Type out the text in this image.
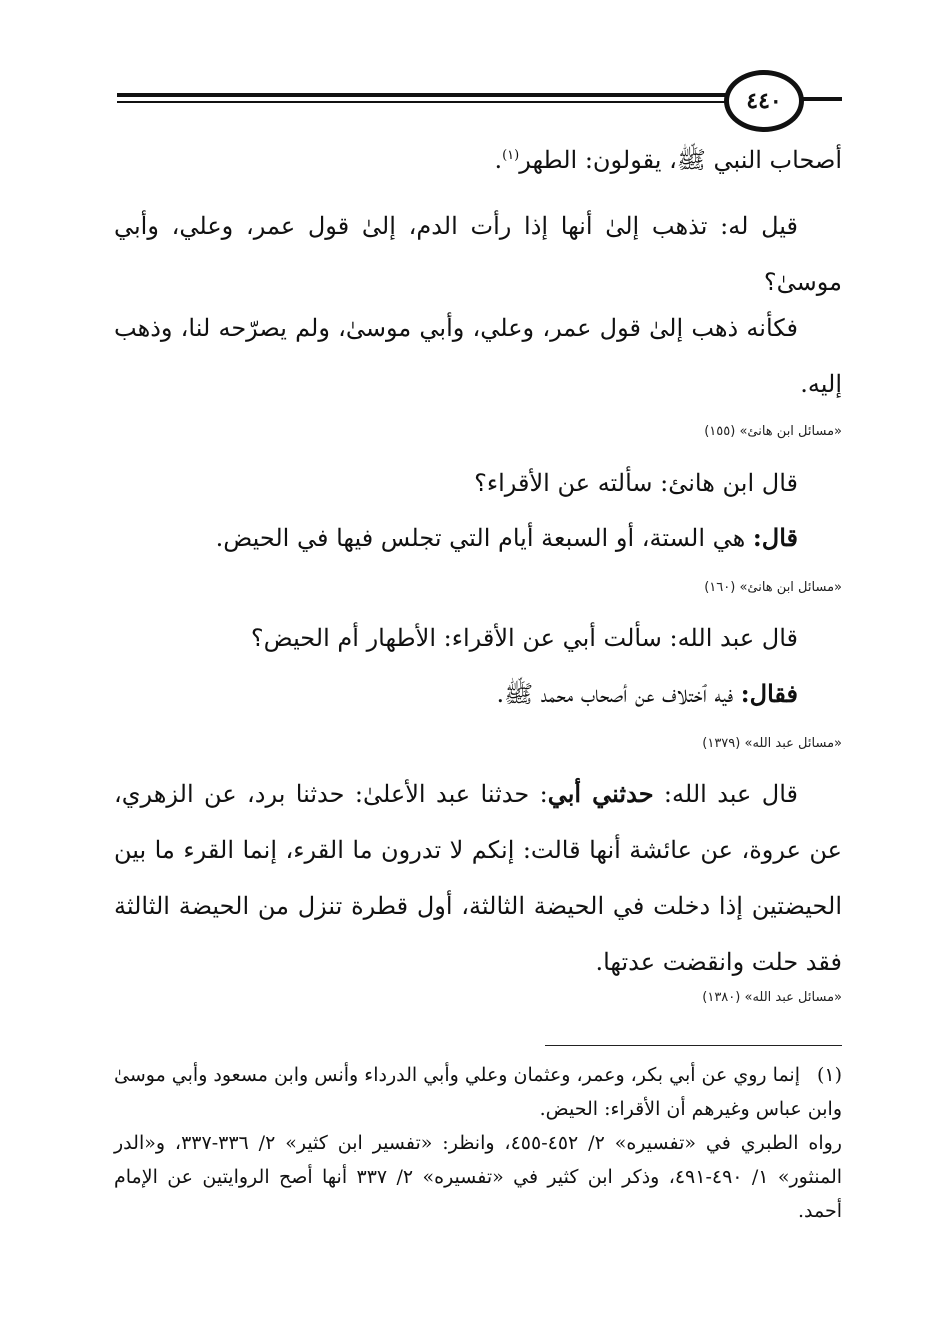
٤٤٠

أصحاب النبي ﷺ، يقولون: الطهر$^{(١)}$.

قيل له: تذهب إلىٰ أنها إذا رأت الدم، إلىٰ قول عمر، وعلي، وأبي موسىٰ؟

فكأنه ذهب إلىٰ قول عمر، وعلي، وأبي موسىٰ، ولم يصرّحه لنا، وذهب إليه.

«مسائل ابن هانئ» (١٥٥)

قال ابن هانئ: سألته عن الأقراء؟

قال: هي الستة، أو السبعة أيام التي تجلس فيها في الحيض.

«مسائل ابن هانئ» (١٦٠)

قال عبد الله: سألت أبي عن الأقراء: الأطهار أم الحيض؟

فقال: فيه ٱختلاف عن أصحاب محمد ﷺ.

«مسائل عبد الله» (١٣٧٩)

قال عبد الله: حدثني أبي: حدثنا عبد الأعلىٰ: حدثنا برد، عن الزهري، عن عروة، عن عائشة أنها قالت: إنكم لا تدرون ما القرء، إنما القرء ما بين الحيضتين إذا دخلت في الحيضة الثالثة، أول قطرة تنزل من الحيضة الثالثة فقد حلت وانقضت عدتها.

«مسائل عبد الله» (١٣٨٠)
(١)إنما روي عن أبي بكر، وعمر، وعثمان وعلي وأبي الدرداء وأنس وابن مسعود وأبي موسىٰ وابن عباس وغيرهم أن الأقراء: الحيض.
رواه الطبري في «تفسيره» ٢/ ٤٥٢-٤٥٥، وانظر: «تفسير ابن كثير» ٢/ ٣٣٦-٣٣٧، و«الدر المنثور» ١/ ٤٩٠-٤٩١، وذكر ابن كثير في «تفسيره» ٢/ ٣٣٧ أنها أصح الروايتين عن الإمام أحمد.
